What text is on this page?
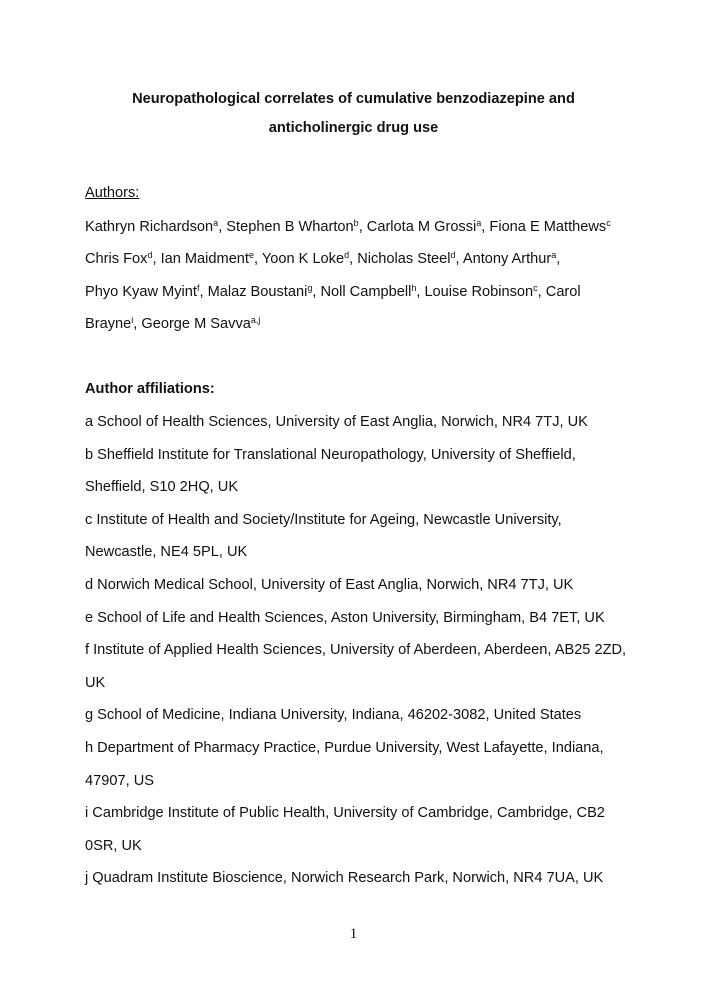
Neuropathological correlates of cumulative benzodiazepine and
anticholinergic drug use
Authors:
Kathryn Richardson$^a$, Stephen B Wharton$^b$, Carlota M Grossi$^a$, Fiona E Matthews$^c$
Chris Fox$^d$, Ian Maidment$^e$, Yoon K Loke$^d$, Nicholas Steel$^d$, Antony Arthur$^a$,
Phyo Kyaw Myint$^f$, Malaz Boustani$^g$, Noll Campbell$^h$, Louise Robinson$^c$, Carol
Brayne$^i$, George M Savva$^{a,j}$
Author affiliations:
a School of Health Sciences, University of East Anglia, Norwich, NR4 7TJ, UK
b Sheffield Institute for Translational Neuropathology, University of Sheffield,
Sheffield, S10 2HQ, UK
c Institute of Health and Society/Institute for Ageing, Newcastle University,
Newcastle, NE4 5PL, UK
d Norwich Medical School, University of East Anglia, Norwich, NR4 7TJ, UK
e School of Life and Health Sciences, Aston University, Birmingham, B4 7ET, UK
f Institute of Applied Health Sciences, University of Aberdeen, Aberdeen, AB25 2ZD,
UK
g School of Medicine, Indiana University, Indiana, 46202-3082, United States
h Department of Pharmacy Practice, Purdue University, West Lafayette, Indiana,
47907, US
i Cambridge Institute of Public Health, University of Cambridge, Cambridge, CB2
0SR, UK
j Quadram Institute Bioscience, Norwich Research Park, Norwich, NR4 7UA, UK
1
